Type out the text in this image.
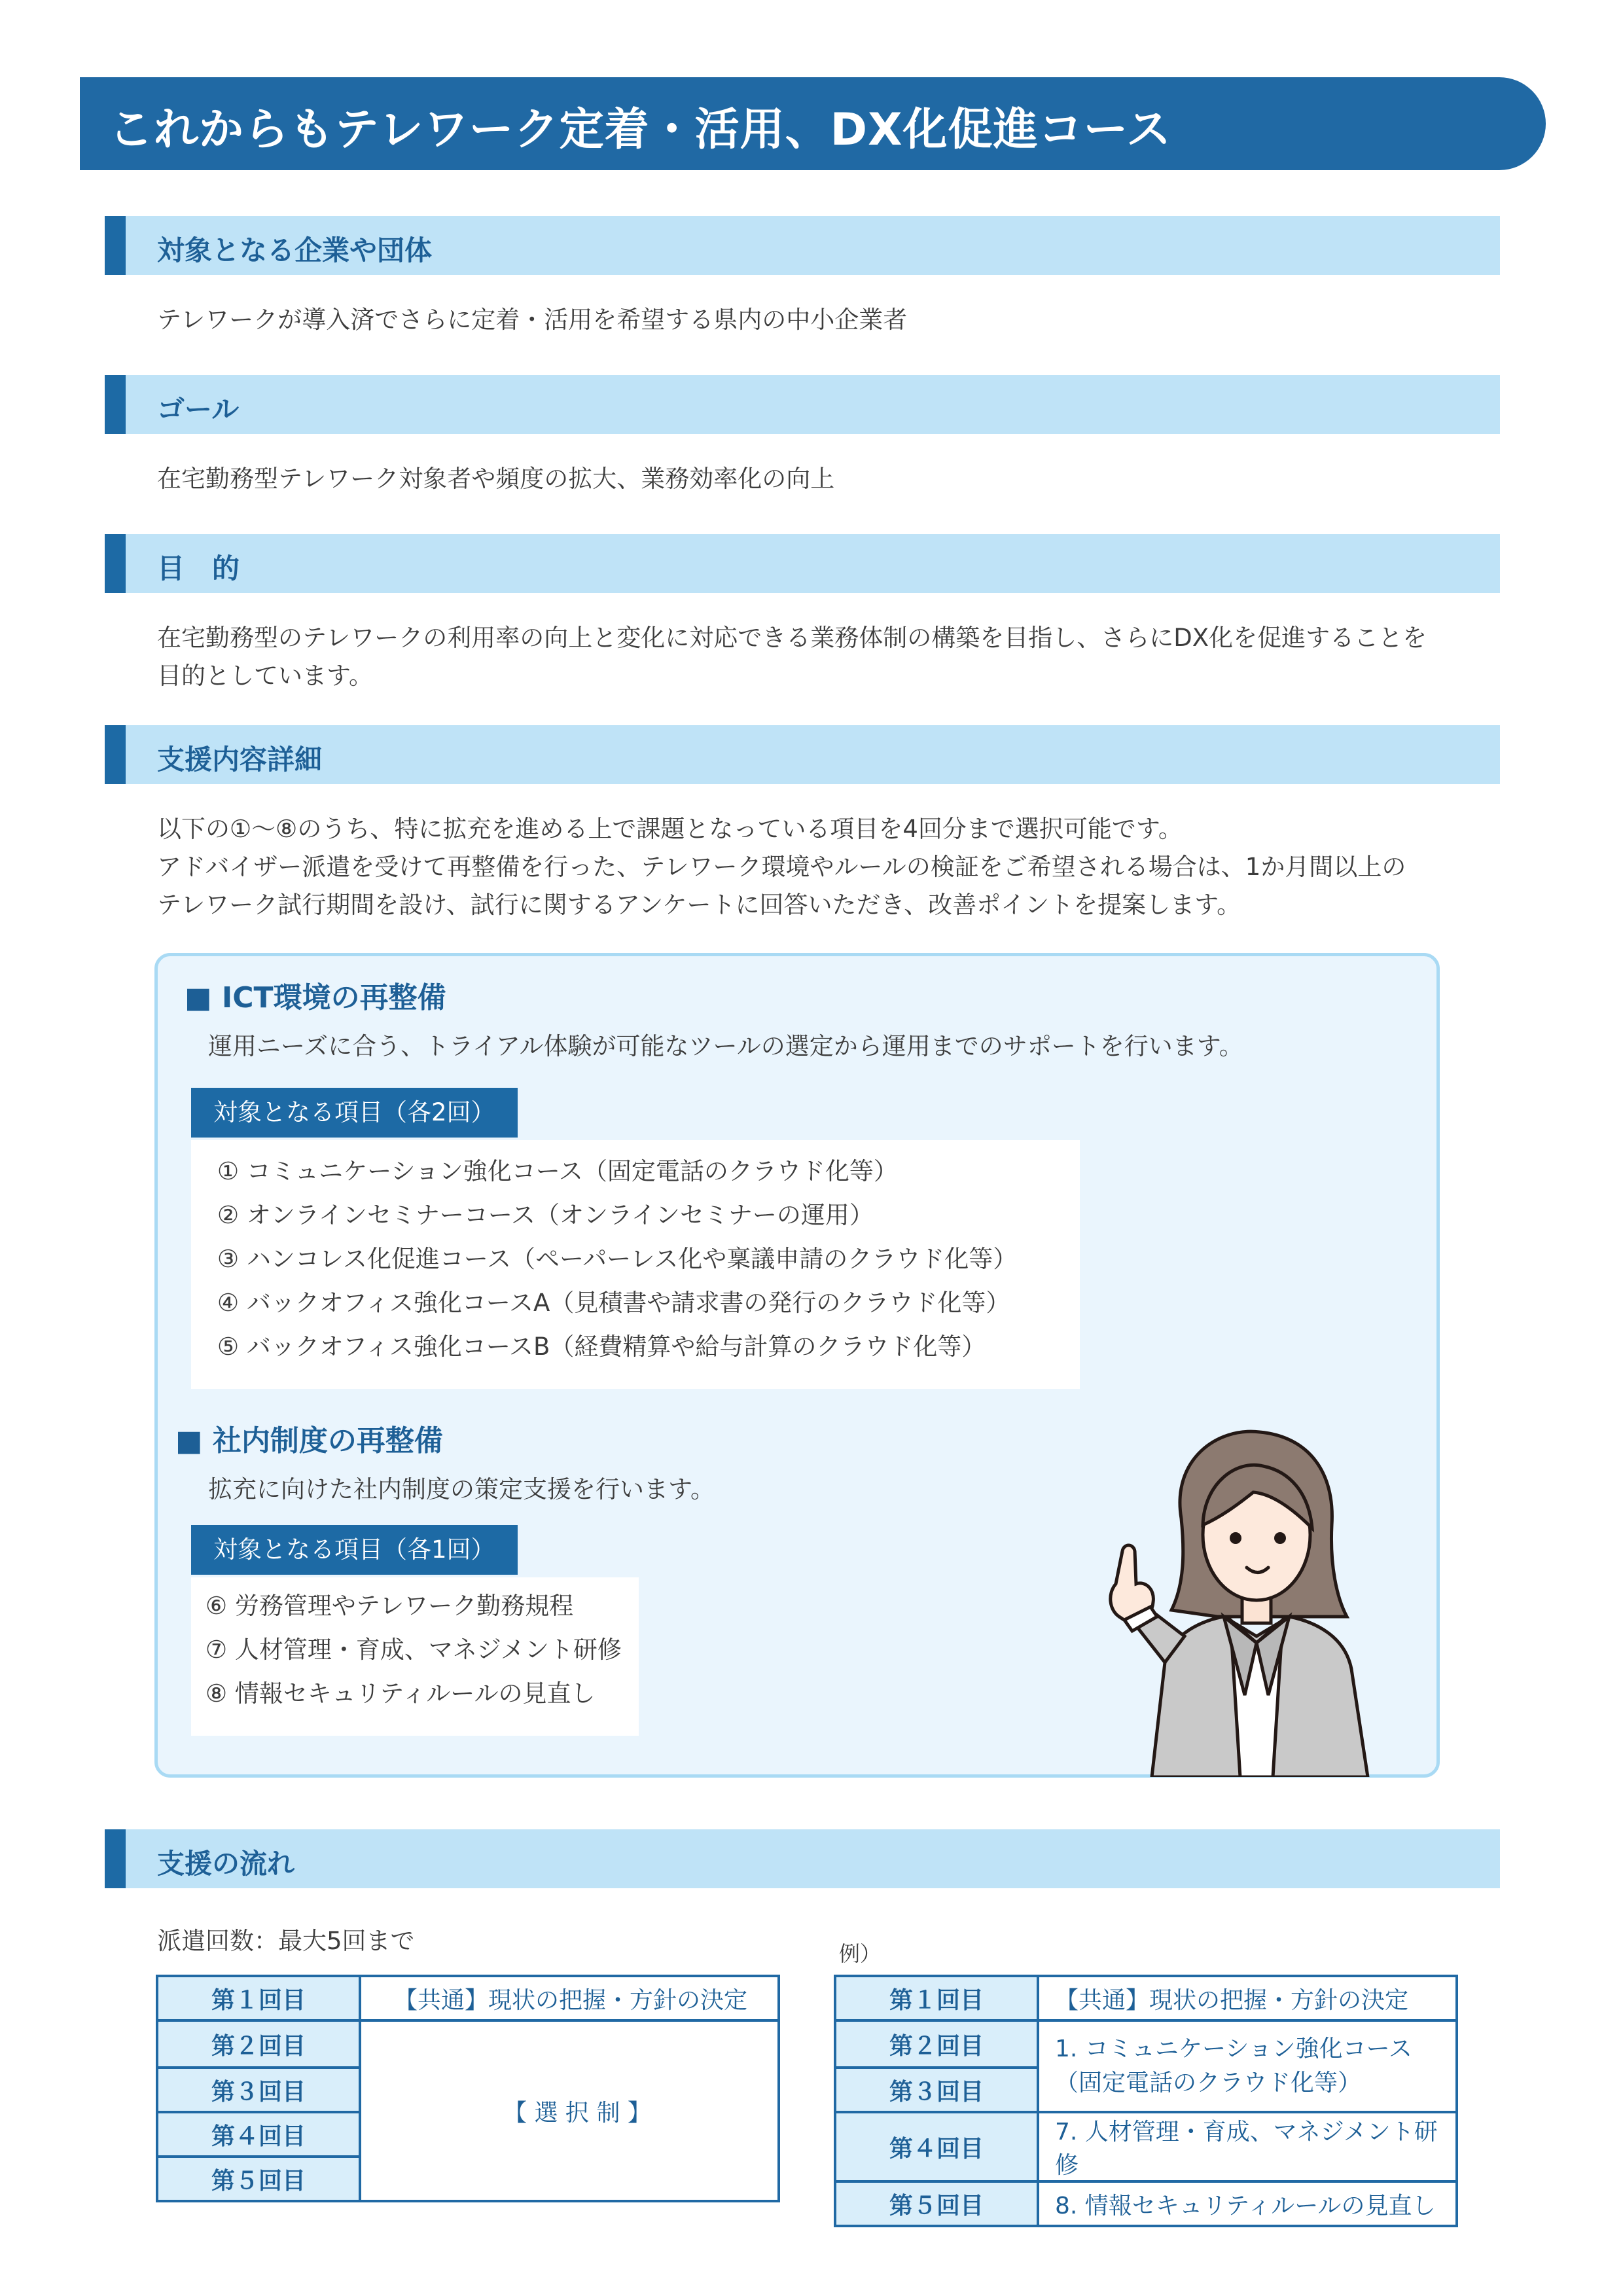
これからもテレワーク定着・活用、DX化促進コース
対象となる企業や団体
テレワークが導入済でさらに定着・活用を希望する県内の中小企業者
ゴール
在宅勤務型テレワーク対象者や頻度の拡大、業務効率化の向上
目　的
在宅勤務型のテレワークの利用率の向上と変化に対応できる業務体制の構築を目指し、さらにDX化を促進することを
目的としています。
支援内容詳細
以下の①〜⑧のうち、特に拡充を進める上で課題となっている項目を4回分まで選択可能です。
アドバイザー派遣を受けて再整備を行った、テレワーク環境やルールの検証をご希望される場合は、1か月間以上の
テレワーク試行期間を設け、試行に関するアンケートに回答いただき、改善ポイントを提案します。
■ ICT環境の再整備
運用ニーズに合う、トライアル体験が可能なツールの選定から運用までのサポートを行います。
対象となる項目（各2回）
① コミュニケーション強化コース（固定電話のクラウド化等）
② オンラインセミナーコース（オンラインセミナーの運用）
③ ハンコレス化促進コース（ペーパーレス化や稟議申請のクラウド化等）
④ バックオフィス強化コースA（見積書や請求書の発行のクラウド化等）
⑤ バックオフィス強化コースB（経費精算や給与計算のクラウド化等）
■ 社内制度の再整備
拡充に向けた社内制度の策定支援を行います。
対象となる項目（各1回）
⑥ 労務管理やテレワーク勤務規程
⑦ 人材管理・育成、マネジメント研修
⑧ 情報セキュリティルールの見直し
支援の流れ
派遣回数：最大5回まで	例）
第１回目	【共通】現状の把握・方針の決定
第２回目	【 選 択 制 】
第３回目	
第４回目	
第５回目	
第１回目	【共通】現状の把握・方針の決定
第２回目	1. コミュニケーション強化コース
（固定電話のクラウド化等）

第３回目	
第４回目	7. 人材管理・育成、マネジメント研修
第５回目	8. 情報セキュリティルールの見直し
